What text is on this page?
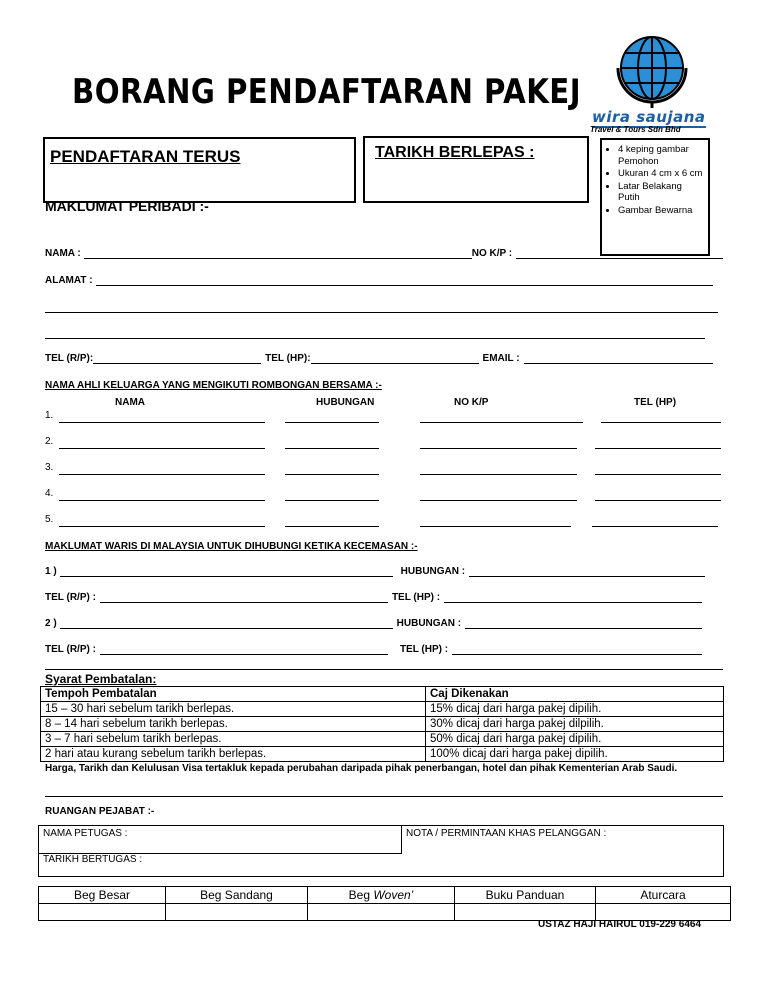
BORANG PENDAFTARAN PAKEJ
wira saujana
Travel & Tours Sdn Bhd
PENDAFTARAN TERUS	TARIKH BERLEPAS :	• 4 keping gambar Pemohon
• Ukuran 4 cm x 6 cm
• Latar Belakang Putih
• Gambar Bewarna
MAKLUMAT PERIBADI :-
NAMA :	NO K/P :
ALAMAT :
TEL (R/P):	TEL (HP):	EMAIL :
NAMA AHLI KELUARGA YANG MENGIKUTI ROMBONGAN BERSAMA :-
NAMA	HUBUNGAN	NO K/P	TEL (HP)
1.
2.
3.
4.
5.
MAKLUMAT WARIS DI MALAYSIA UNTUK DIHUBUNGI KETIKA KECEMASAN :-
1 )	HUBUNGAN :
TEL (R/P) :	TEL (HP) :
2 )	HUBUNGAN :
TEL (R/P) :	TEL (HP) :
Syarat Pembatalan:
Tempoh Pembatalan	Caj Dikenakan
15 – 30 hari sebelum tarikh berlepas.	15% dicaj dari harga pakej dipilih.
8 – 14 hari sebelum tarikh berlepas.	30% dicaj dari harga pakej dilpilih.
3 – 7 hari sebelum tarikh berlepas.	50% dicaj dari harga pakej dipilih.
2 hari atau kurang sebelum tarikh berlepas.	100% dicaj dari harga pakej dipilih.
Harga, Tarikh dan Kelulusan Visa tertakluk kepada perubahan daripada pihak penerbangan, hotel dan pihak Kementerian Arab Saudi.
RUANGAN PEJABAT :-
NAMA PETUGAS :
TARIKH BERTUGAS :
NOTA / PERMINTAAN KHAS PELANGGAN :
Beg Besar	Beg Sandang	Beg Woven’	Buku Panduan	Aturcara

USTAZ HAJI HAIRUL 019-229 6464
